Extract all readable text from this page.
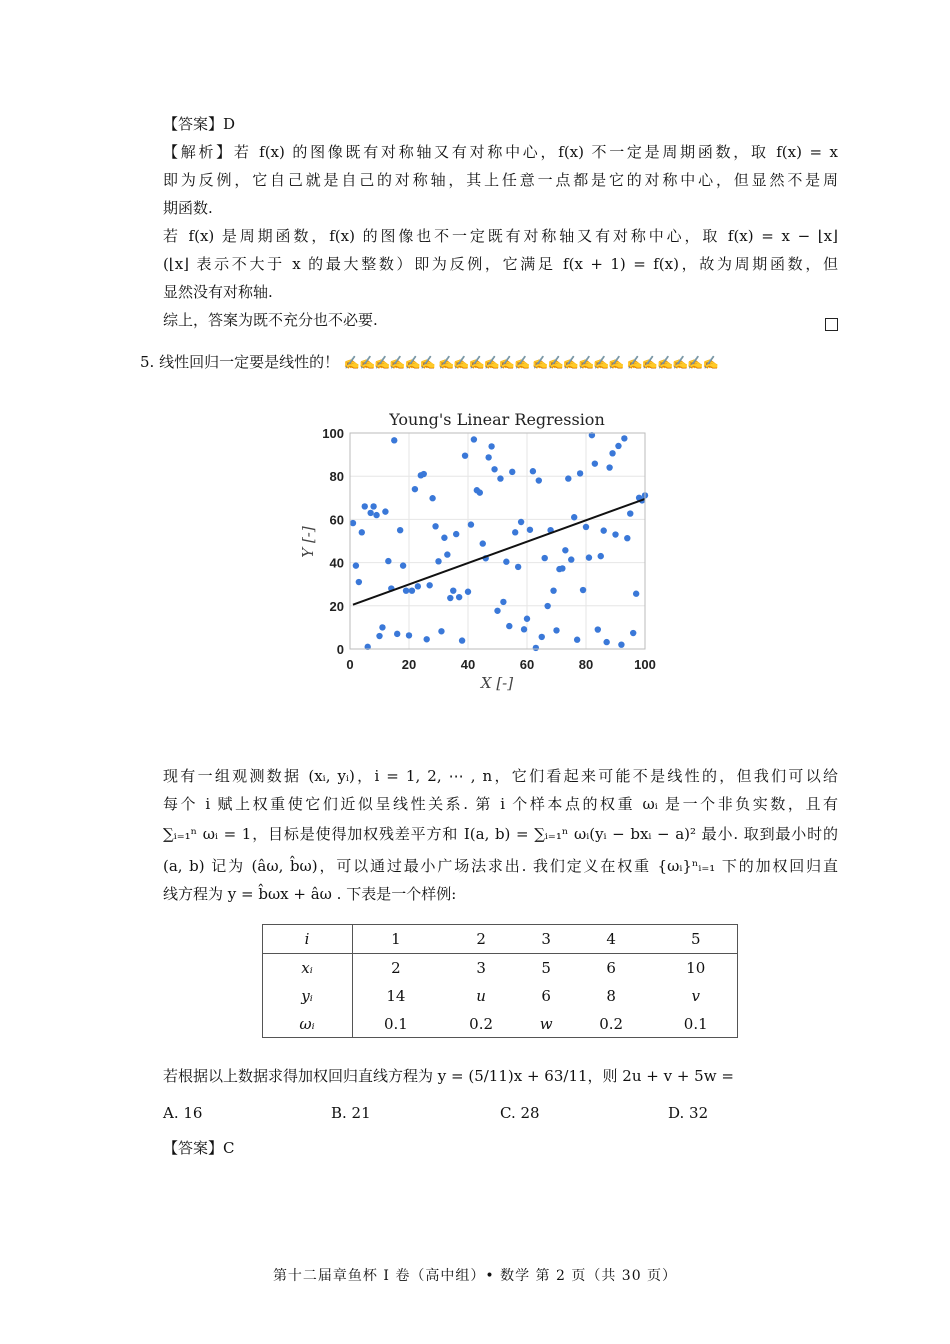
【答案】D
【解析】若 f(x) 的图像既有对称轴又有对称中心，f(x) 不一定是周期函数，取 f(x) = x
即为反例，它自己就是自己的对称轴，其上任意一点都是它的对称中心，但显然不是周
期函数.
若 f(x) 是周期函数，f(x) 的图像也不一定既有对称轴又有对称中心，取 f(x) = x − ⌊x⌋
(⌊x⌋ 表示不大于 x 的最大整数）即为反例，它满足 f(x + 1) = f(x)，故为周期函数，但
显然没有对称轴.
综上，答案为既不充分也不必要.
5. 线性回归一定要是线性的！ ✍✍✍✍✍✍ ✍✍✍✍✍✍ ✍✍✍✍✍✍ ✍✍✍✍✍✍
Young's Linear Regression
0	20	40	60	80	100
0
20
40
60
80
100
X [-]
Y [-]
现有一组观测数据 (xᵢ, yᵢ)，i = 1, 2, ⋯ , n，它们看起来可能不是线性的，但我们可以给
每个 i 赋上权重使它们近似呈线性关系. 第 i 个样本点的权重 ωᵢ 是一个非负实数，且有
∑ᵢ₌₁ⁿ ωᵢ = 1，目标是使得加权残差平方和 I(a, b) = ∑ᵢ₌₁ⁿ ωᵢ(yᵢ − bxᵢ − a)² 最小. 取到最小时的
(a, b) 记为 (âω, b̂ω)，可以通过最小广场法求出. 我们定义在权重 {ωᵢ}ⁿᵢ₌₁ 下的加权回归直
线方程为 y = b̂ωx + âω . 下表是一个样例:
i	1	2	3	4	5
xᵢ	2	3	5	6	10
yᵢ	14	u	6	8	v
ωᵢ	0.1	0.2	w	0.2	0.1
若根据以上数据求得加权回归直线方程为 y = (5/11)x + 63/11，则 2u + v + 5w =
A. 16	B. 21	C. 28	D. 32
【答案】C
第十二届章鱼杯 I 卷（高中组）• 数学 第 2 页（共 30 页）
